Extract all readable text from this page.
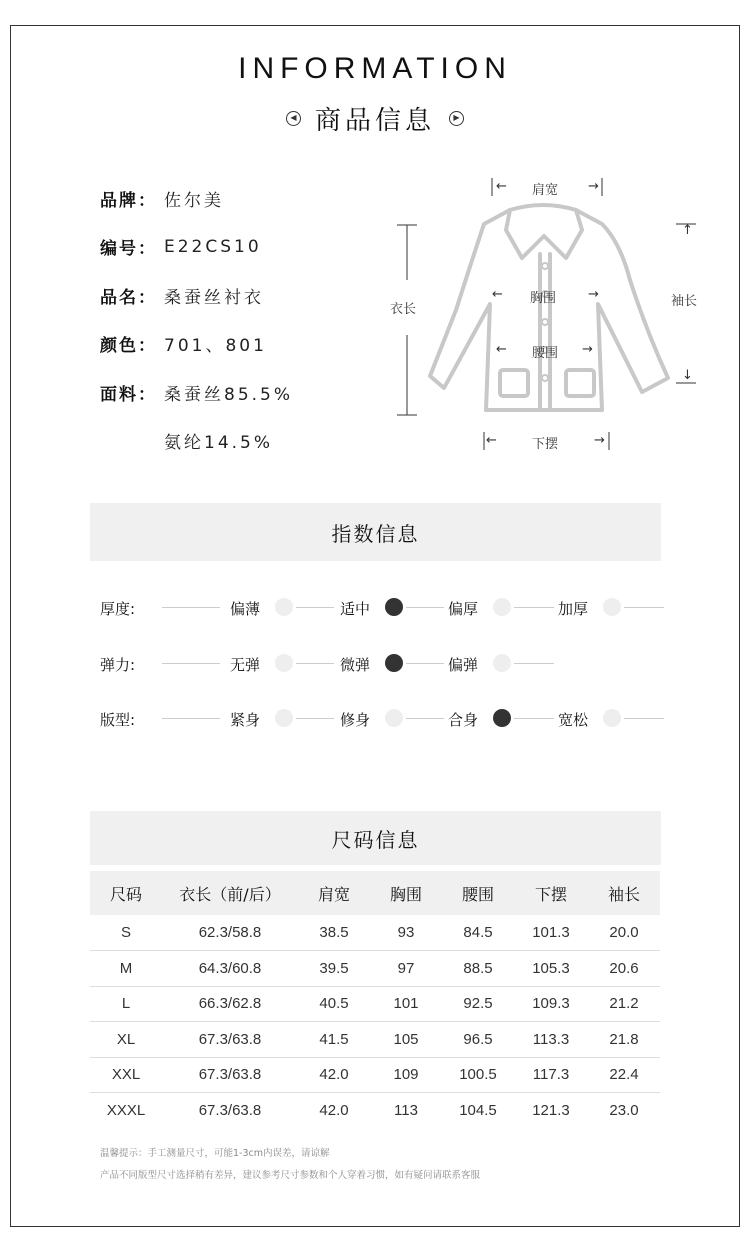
INFORMATION
◀ 商品信息	▶
品牌： 佐尔美
编号： E22CS10
品名： 桑蚕丝衬衣
颜色： 701、801
面料： 桑蚕丝85.5%
氨纶14.5%
← 肩宽 →
衣长
← 胸围 →
← 腰围 →
↑
袖长
↓
←	下摆	→
指数信息
厚度:	偏薄	适中	偏厚	加厚
弹力:	无弹	微弹	偏弹
版型:	紧身	修身	合身	宽松
尺码信息
尺码	衣长（前/后）	肩宽	胸围	腰围	下摆	袖长
S	62.3/58.8	38.5	93	84.5	101.3	20.0
M	64.3/60.8	39.5	97	88.5	105.3	20.6
L	66.3/62.8	40.5	101	92.5	109.3	21.2
XL	67.3/63.8	41.5	105	96.5	113.3	21.8
XXL	67.3/63.8	42.0	109	100.5	117.3	22.4
XXXL	67.3/63.8	42.0	113	104.5	121.3	23.0
温馨提示：手工测量尺寸，可能1-3cm内误差，请谅解
产品不同版型尺寸选择稍有差异，建议参考尺寸参数和个人穿着习惯，如有疑问请联系客服
